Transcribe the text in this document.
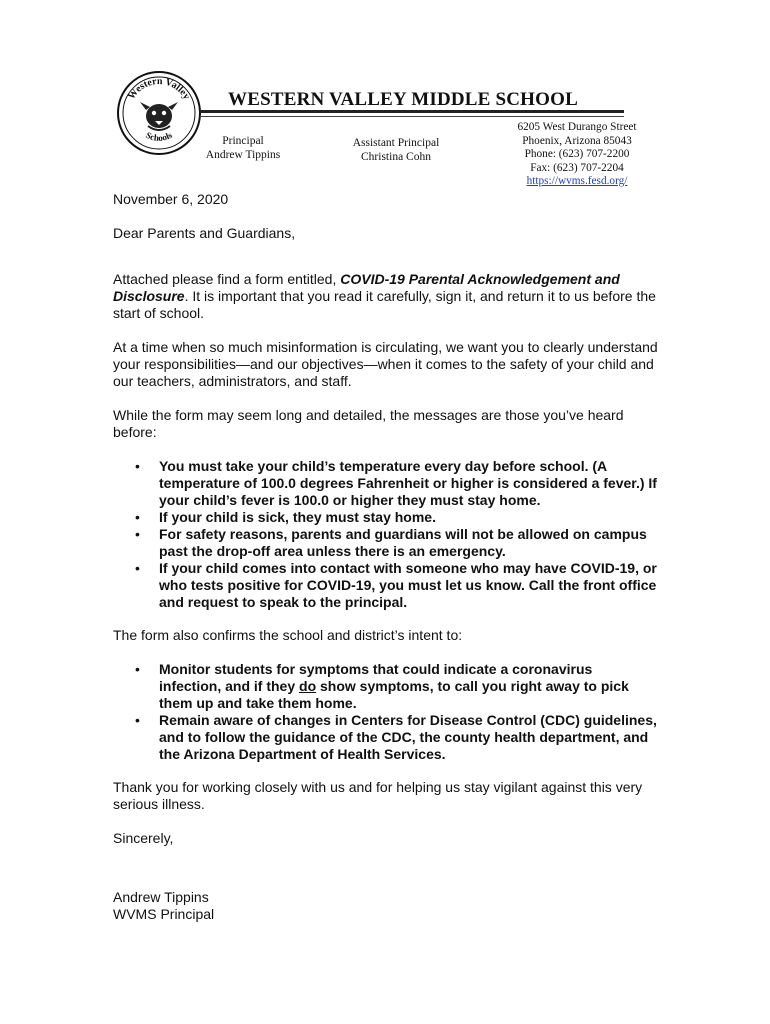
Western Valley
Schools
WESTERN VALLEY MIDDLE SCHOOL
Principal
Andrew Tippins
Assistant Principal
Christina Cohn
6205 West Durango Street
Phoenix, Arizona 85043
Phone: (623) 707-2200
Fax: (623) 707-2204
https://wvms.fesd.org/

November 6, 2020

Dear Parents and Guardians,

Attached please find a form entitled, COVID-19 Parental Acknowledgement and Disclosure. It is important that you read it carefully, sign it, and return it to us before the start of school.

At a time when so much misinformation is circulating, we want you to clearly understand your responsibilities—and our objectives—when it comes to the safety of your child and our teachers, administrators, and staff.

While the form may seem long and detailed, the messages are those you’ve heard before:

• You must take your child’s temperature every day before school. (A temperature of 100.0 degrees Fahrenheit or higher is considered a fever.) If your child’s fever is 100.0 or higher they must stay home.
• If your child is sick, they must stay home.
• For safety reasons, parents and guardians will not be allowed on campus past the drop-off area unless there is an emergency.
• If your child comes into contact with someone who may have COVID-19, or who tests positive for COVID-19, you must let us know. Call the front office and request to speak to the principal.

The form also confirms the school and district’s intent to:

• Monitor students for symptoms that could indicate a coronavirus infection, and if they do show symptoms, to call you right away to pick them up and take them home.
• Remain aware of changes in Centers for Disease Control (CDC) guidelines, and to follow the guidance of the CDC, the county health department, and the Arizona Department of Health Services.

Thank you for working closely with us and for helping us stay vigilant against this very serious illness.

Sincerely,

Andrew Tippins

WVMS Principal
